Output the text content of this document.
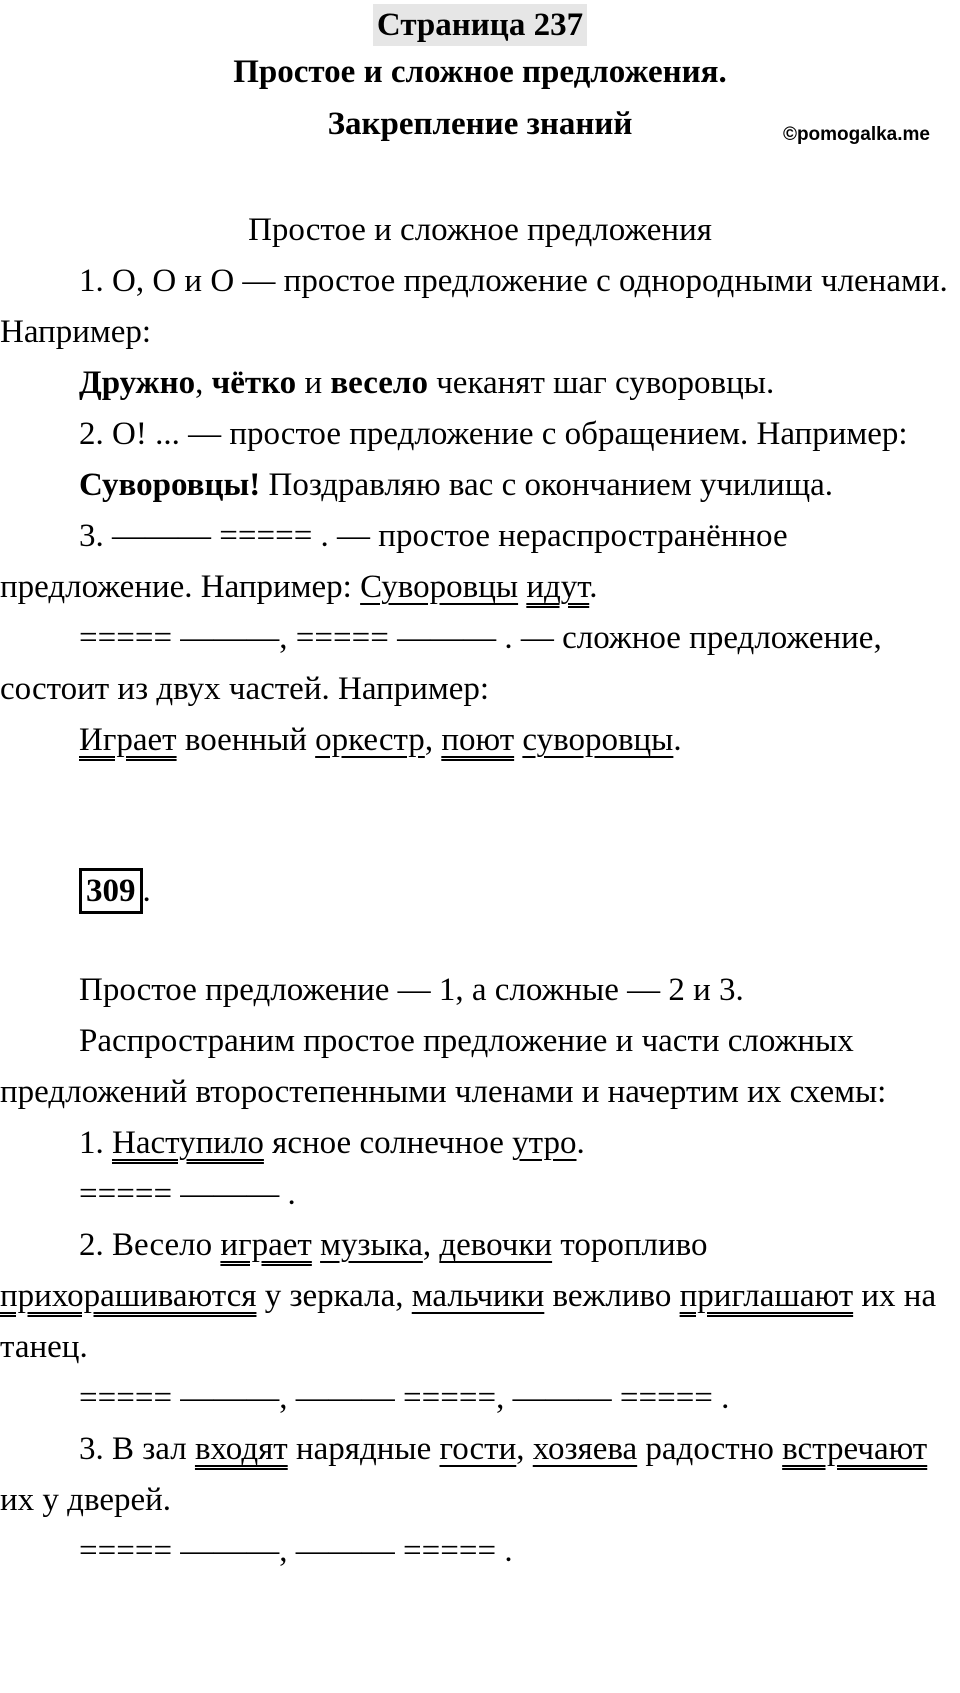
Страница 237
Простое и сложное предложения.
Закрепление знаний	©pomogalka.me

Простое и сложное предложения

1. О, О и О — простое предложение с однородными членами. Например:

Дружно, чётко и весело чеканят шаг суворовцы.

2. О! ... — простое предложение с обращением. Например:

Суворовцы! Поздравляю вас с окончанием училища.

3. ——— ===== . — простое нераспространённое предложение. Например: Суворовцы идут.

===== ———, ===== ——— . — сложное предложение, состоит из двух частей. Например:

Играет военный оркестр, поют суворовцы.

309 .

Простое предложение — 1, а сложные — 2 и 3.

Распространим простое предложение и части сложных предложений второстепенными членами и начертим их схемы:

1. Наступило ясное солнечное утро.

===== ——— .

2. Весело играет музыка, девочки торопливо прихорашиваются у зеркала, мальчики вежливо приглашают их на танец.

===== ———, ——— =====, ——— ===== .

3. В зал входят нарядные гости, хозяева радостно встречают их у дверей.

===== ———, ——— ===== .
